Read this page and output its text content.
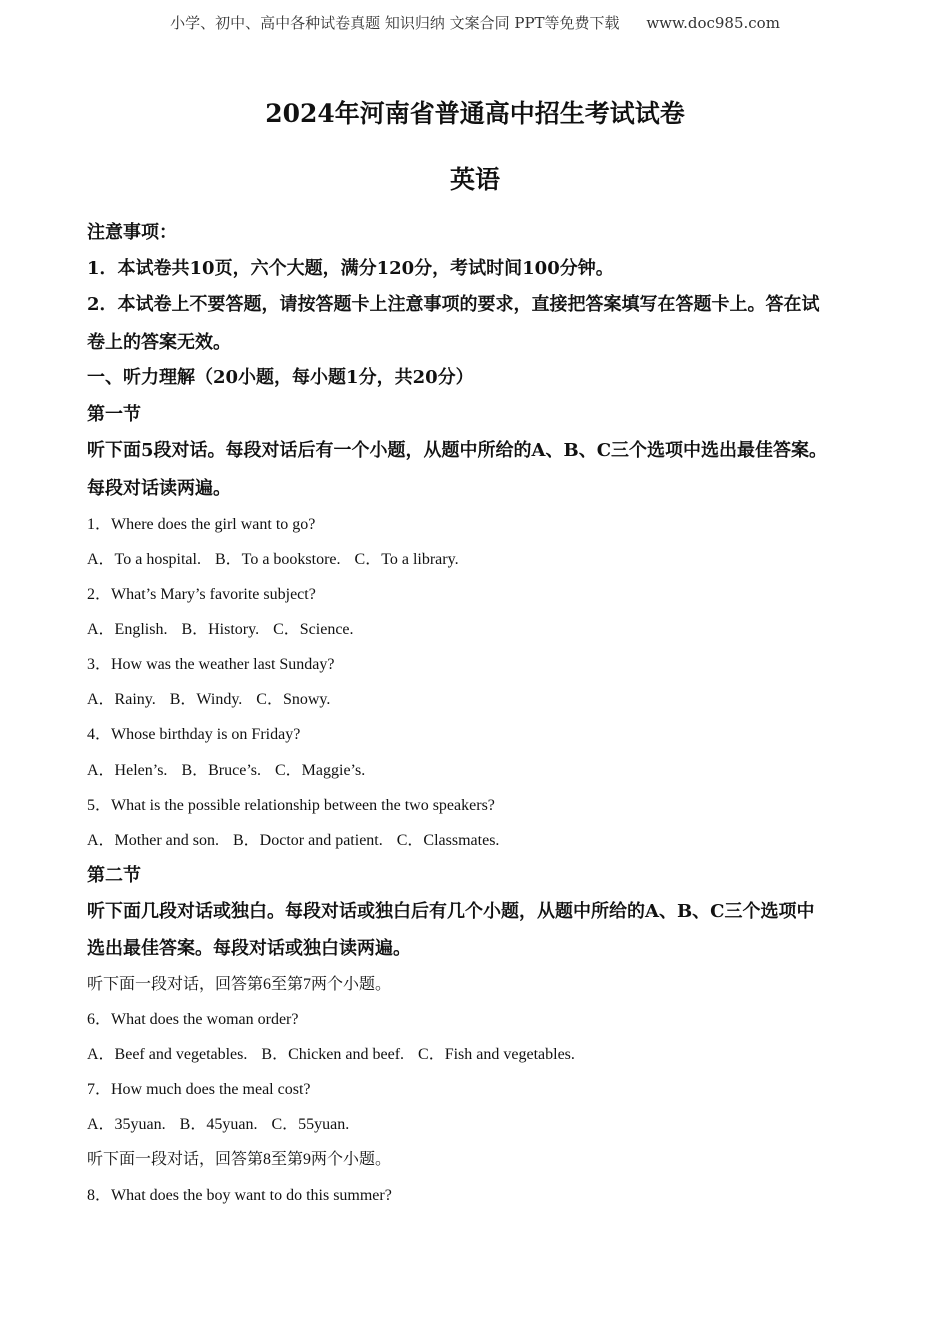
小学、初中、高中各种试卷真题 知识归纳 文案合同 PPT等免费下载 www.doc985.com
2024年河南省普通高中招生考试试卷
英语
注意事项：
1．本试卷共10页，六个大题，满分120分，考试时间100分钟。
2．本试卷上不要答题，请按答题卡上注意事项的要求，直接把答案填写在答题卡上。答在试
卷上的答案无效。
一、听力理解（20小题，每小题1分，共20分）
第一节
听下面5段对话。每段对话后有一个小题，从题中所给的A、B、C三个选项中选出最佳答案。
每段对话读两遍。
1．Where does the girl want to go?
A．To a hospital. B．To a bookstore. C．To a library.
2．What’s Mary’s favorite subject?
A．English. B．History. C．Science.
3．How was the weather last Sunday?
A．Rainy. B．Windy. C．Snowy.
4．Whose birthday is on Friday?
A．Helen’s. B．Bruce’s. C．Maggie’s.
5．What is the possible relationship between the two speakers?
A．Mother and son. B．Doctor and patient. C．Classmates.
第二节
听下面几段对话或独白。每段对话或独白后有几个小题，从题中所给的A、B、C三个选项中
选出最佳答案。每段对话或独白读两遍。
听下面一段对话，回答第6至第7两个小题。
6．What does the woman order?
A．Beef and vegetables. B．Chicken and beef. C．Fish and vegetables.
7．How much does the meal cost?
A．35yuan. B．45yuan. C．55yuan.
听下面一段对话，回答第8至第9两个小题。
8．What does the boy want to do this summer?
